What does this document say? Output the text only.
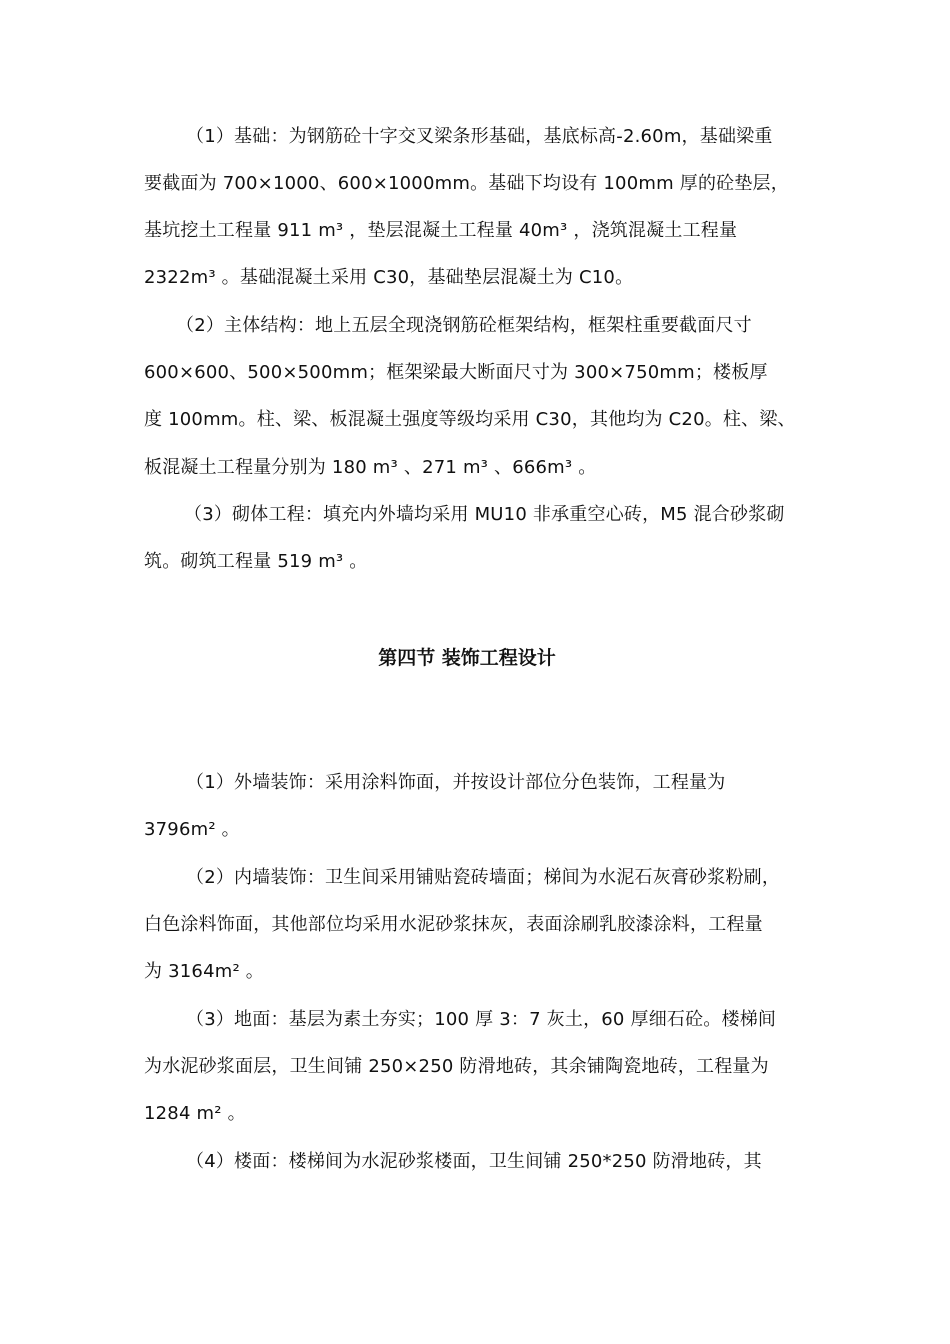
（1）基础：为钢筋砼十字交叉梁条形基础，基底标高-2.60m，基础梁重
要截面为 700×1000、600×1000mm。基础下均设有 100mm 厚的砼垫层，
基坑挖土工程量 911 m³ ，垫层混凝土工程量 40m³ ，浇筑混凝土工程量
2322m³ 。基础混凝土采用 C30，基础垫层混凝土为 C10。
（2）主体结构：地上五层全现浇钢筋砼框架结构，框架柱重要截面尺寸
600×600、500×500mm；框架梁最大断面尺寸为 300×750mm；楼板厚
度 100mm。柱、梁、板混凝土强度等级均采用 C30，其他均为 C20。柱、梁、
板混凝土工程量分别为 180 m³ 、271 m³ 、666m³ 。
（3）砌体工程：填充内外墙均采用 MU10 非承重空心砖，M5 混合砂浆砌
筑。砌筑工程量 519 m³ 。
第四节 装饰工程设计
（1）外墙装饰：采用涂料饰面，并按设计部位分色装饰，工程量为
3796m² 。
（2）内墙装饰：卫生间采用铺贴瓷砖墙面；梯间为水泥石灰膏砂浆粉刷，
白色涂料饰面，其他部位均采用水泥砂浆抹灰，表面涂刷乳胶漆涂料，工程量
为 3164m² 。
（3）地面：基层为素土夯实；100 厚 3：7 灰土，60 厚细石砼。楼梯间
为水泥砂浆面层，卫生间铺 250×250 防滑地砖，其余铺陶瓷地砖，工程量为
1284 m² 。
（4）楼面：楼梯间为水泥砂浆楼面，卫生间铺 250*250 防滑地砖，其
